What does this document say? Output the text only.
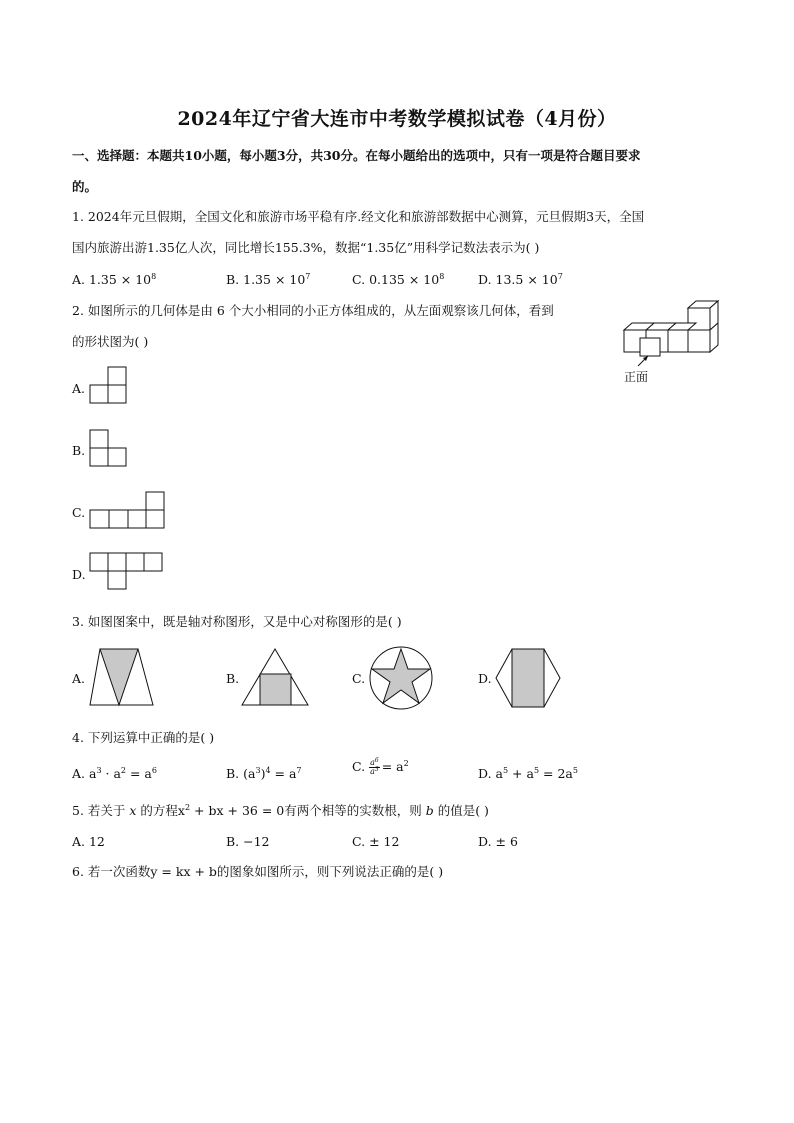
2024年辽宁省大连市中考数学模拟试卷（4月份）
一、选择题：本题共10小题，每小题3分，共30分。在每小题给出的选项中，只有一项是符合题目要求
的。
1. 2024年元旦假期，全国文化和旅游市场平稳有序.经文化和旅游部数据中心测算，元旦假期3天，全国
国内旅游出游1.35亿人次，同比增长155.3%，数据“1.35亿”用科学记数法表示为( )
A. $1.35 \times 10^8$	B. $1.35 \times 10^7$	C. $0.135 \times 10^8$	D. $13.5 \times 10^7$
2. 如图所示的几何体是由 6 个大小相同的小正方体组成的，从左面观察该几何体，看到
的形状图为( )
正面
A.
B.
C.
D.
3. 如图图案中，既是轴对称图形，又是中心对称图形的是( )
A.	B.	C.	D.
4. 下列运算中正确的是( )
A. $a^3 \cdot a^2 = a^6$	B. $(a^3)^4 = a^7$	C. $\frac{a^6}{a^3} = a^2$
D. $a^5 + a^5 = 2a^5$
5. 若关于 x 的方程$x^2$ + bx + 36 = 0有两个相等的实数根，则 b 的值是( )
A. 12	B. −12	C. ± 12	D. ± 6
6. 若一次函数y = kx + b的图象如图所示，则下列说法正确的是( )
